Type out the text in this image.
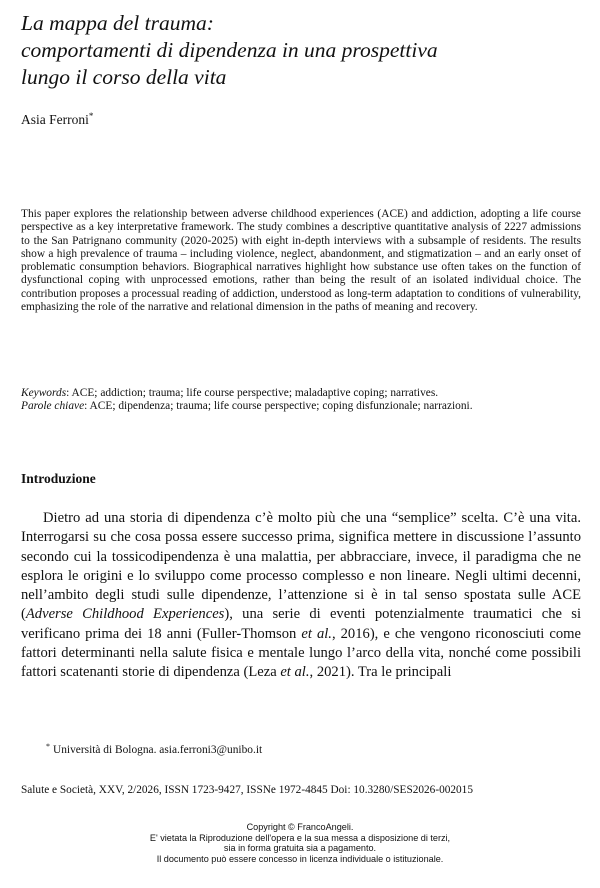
La mappa del trauma:
comportamenti di dipendenza in una prospettiva
lungo il corso della vita
Asia Ferroni*

This paper explores the relationship between adverse childhood experiences (ACE) and addiction, adopting a life course perspective as a key interpretative framework. The study combines a descriptive quantitative analysis of 2227 admissions to the San Patrignano community (2020-2025) with eight in-depth interviews with a subsample of residents. The results show a high prevalence of trauma – including violence, neglect, abandonment, and stigmatization – and an early onset of problematic consumption behaviors. Biographical narratives highlight how substance use often takes on the function of dysfunctional coping with unprocessed emotions, rather than being the result of an isolated individual choice. The contribution proposes a processual reading of addiction, understood as long-term adaptation to conditions of vulnerability, emphasizing the role of the narrative and relational dimension in the paths of meaning and recovery.

Keywords: ACE; addiction; trauma; life course perspective; maladaptive coping; narratives.

Parole chiave: ACE; dipendenza; trauma; life course perspective; coping disfunzionale; narrazioni.

Introduzione

Dietro ad una storia di dipendenza c’è molto più che una “semplice” scelta. C’è una vita. Interrogarsi su che cosa possa essere successo prima, significa mettere in discussione l’assunto secondo cui la tossicodipendenza è una malattia, per abbracciare, invece, il paradigma che ne esplora le origini e lo sviluppo come processo complesso e non lineare. Negli ultimi decenni, nell’ambito degli studi sulle dipendenze, l’attenzione si è in tal senso spostata sulle ACE (Adverse Childhood Experiences), una serie di eventi potenzialmente traumatici che si verificano prima dei 18 anni (Fuller-Thomson et al., 2016), e che vengono riconosciuti come fattori determinanti nella salute fisica e mentale lungo l’arco della vita, nonché come possibili fattori scatenanti storie di dipendenza (Leza et al., 2021). Tra le principali

* Università di Bologna. asia.ferroni3@unibo.it
Salute e Società, XXV, 2/2026, ISSN 1723-9427, ISSNe 1972-4845 Doi: 10.3280/SES2026-002015
Copyright © FrancoAngeli.
E' vietata la Riproduzione dell'opera e la sua messa a disposizione di terzi,
sia in forma gratuita sia a pagamento.
Il documento può essere concesso in licenza individuale o istituzionale.
